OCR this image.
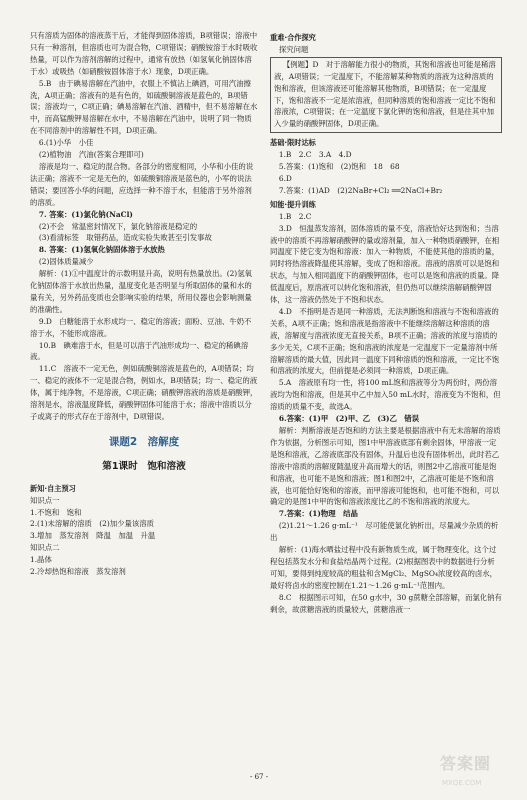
只有溶质为固体的溶液蒸干后，才能得到固体溶质，B项错误；溶液中只有一种溶剂，但溶质也可为混合物，C项错误；硝酸铵溶于水时吸收热量，可以作为溶剂溶解的过程中，通常有放热（如氢氧化钠固体溶于水）或吸热（如硝酸铵固体溶于水）现象，D项正确。

5.B　由于碘易溶解在汽油中，衣服上不慎沾上碘酒，可用汽油擦洗，A项正确；溶液有的是有色的，如硫酸铜溶液是蓝色的，B项错误；溶液均一，C项正确；碘易溶解在汽油、酒精中，但不易溶解在水中，而高锰酸钾易溶解在水中，不易溶解在汽油中，说明了同一物质在不同溶剂中的溶解性不同，D项正确。

6.(1)小华　小佳

(2)植物油　汽油(答案合理即可)

溶液是均一、稳定的混合物。各部分的密度相同，小华和小佳的说法正确；溶液不一定是无色的，如硫酸铜溶液是蓝色的，小军的说法错误；要回答小华的问题，应选择一种不溶于水，但能溶于另外溶剂的溶质。

7. 答案：(1)氯化钠(NaCl)

(2)不会　常温密封情况下，氯化钠溶液是稳定的

(3)看清标签　取错药品，造成实验失败甚至引发事故

8. 答案：(1)氢氧化钠固体溶于水放热

(2)固体质量减少

解析：(1)①中温度计的示数明显升高，说明有热量放出。(2)氢氧化钠固体溶于水放出热量，温度变化是否明显与所取固体的量和水的量有关，另外药品变质也会影响实验的结果，所用仪器也会影响测量的准确性。

9.D　白糖能溶于水形成均一、稳定的溶液；面粉、豆油、牛奶不溶于水，不能形成溶液。

10.B　碘难溶于水，但是可以溶于汽油形成均一、稳定的稀碘溶液。

11.C　溶液不一定无色，例如硫酸铜溶液是蓝色的，A项错误；均一、稳定的液体不一定是混合物，例如水，B项错误；均一、稳定的液体，属于纯净物，不是溶液，C项正确；硝酸钾溶液的溶质是硝酸钾，溶剂是水，溶液温度降低，硝酸钾固体可能溶于水；溶液中溶质以分子或离子的形式存在于溶剂中，D项错误。

课题2　溶解度
第1课时　饱和溶液
新知·自主预习

知识点一

1.不饱和　饱和

2.(1)未溶解的溶质　(2)加少量该溶质

3.增加　蒸发溶剂　降温　加温　升温

知识点二

1.晶体

2.冷却热饱和溶液　蒸发溶剂

重难·合作探究

探究问题

【例题】D　对于溶解能力很小的物质，其饱和溶液也可能是稀溶液，A项错误；一定温度下，不能溶解某种物质的溶液为这种溶质的饱和溶液，但该溶液还可能溶解其他物质，B项错误；在一定温度下，饱和溶液不一定是浓溶液，但同种溶质的饱和溶液一定比不饱和溶液浓，C项错误；在一定温度下氯化钾的饱和溶液，但是往其中加入少量的硝酸钾固体，D项正确。

基础·限时达标

1.B　2.C　3.A　4.D

5.答案：(1)饱和　(2)饱和　18　68

6.D

7.答案：(1)AD　(2)2NaBr+Cl₂ ══2NaCl+Br₂

知能·提升训练

1.B　2.C

3.D　恒温蒸发溶剂，固体溶质的量不变，溶液恰好达到饱和；当溶液中的溶质不再溶解硝酸钾的量或溶剂量，加入一种物质硝酸钾，在相同温度下使它变为饱和溶液：加入一种物质，不能使其他的溶质的量，同时将热溶液降温使其溶解，变成了饱和溶液。溶液的溶质可以是饱和状态，与加入相同温度下的硝酸钾固体，也可以是饱和溶液的质量。降低温度后，原溶液可以转化饱和溶液，但仍热可以继续溶解硝酸钾固体，这一溶液仍然处于不饱和状态。

4.D　不指明是否是同一种溶质，无法判断饱和溶液与不饱和溶液的关系，A项不正确；饱和溶液是指溶液中不能继续溶解这种溶质的溶液，溶解度与溶液浓度无直接关系，B项不正确；溶液的浓度与溶质的多少无关，C项不正确；饱和溶液的浓度是一定温度下一定量溶剂中所溶解溶质的最大值，因此同一温度下同种溶质的饱和溶液，一定比不饱和溶液的浓度大，但前提是必须同一种溶质，D项正确。

5.A　溶液原有均一性，将100 mL饱和溶液等分为两份时，两份溶液均为饱和溶液，但是其中乙中加入50 mL水时，溶液变为不饱和，但溶质的质量不变，故选A。

6.答案：(1)甲　(2)甲、乙　(3)乙　错误

解析：判断溶液是否饱和的方法主要是根据溶液中有无未溶解的溶质作为依据，分析图示可知，图1中甲溶液底部有剩余固体，甲溶液一定是饱和溶液，乙溶液底部没有固体，升温后也没有固体析出，此时若乙溶液中溶质的溶解度随温度升高而增大的话，则图2中乙溶液可能是饱和溶液，也可能不是饱和溶液；图1和图2中，乙溶液可能是不饱和溶液，也可能恰好饱和的溶液，而甲溶液可能饱和，也可能不饱和，可以确定的是图1中甲的饱和溶液浓度比乙的不饱和溶液的浓度大。

7.答案：(1)物理　结晶

(2)1.21～1.26 g·mL⁻¹　尽可能使氯化钠析出，尽量减少杂质的析出

解析：(1)海水晒盐过程中没有新物质生成，属于物理变化，这个过程包括蒸发水分和食盐结晶两个过程。(2)根据图表中的数据进行分析可知，要得到纯度较高的粗盐和含MgCl₂、MgSO₄浓度较高的卤水，最好将卤水的密度控制在1.21～1.26 g·mL⁻¹范围内。

8.C　根据图示可知，在50 g水中，30 g蔗糖全部溶解，而氯化钠有剩余，故蔗糖溶液的质量较大，蔗糖溶液一

- 67 -
答案圈
MXQE.COM
